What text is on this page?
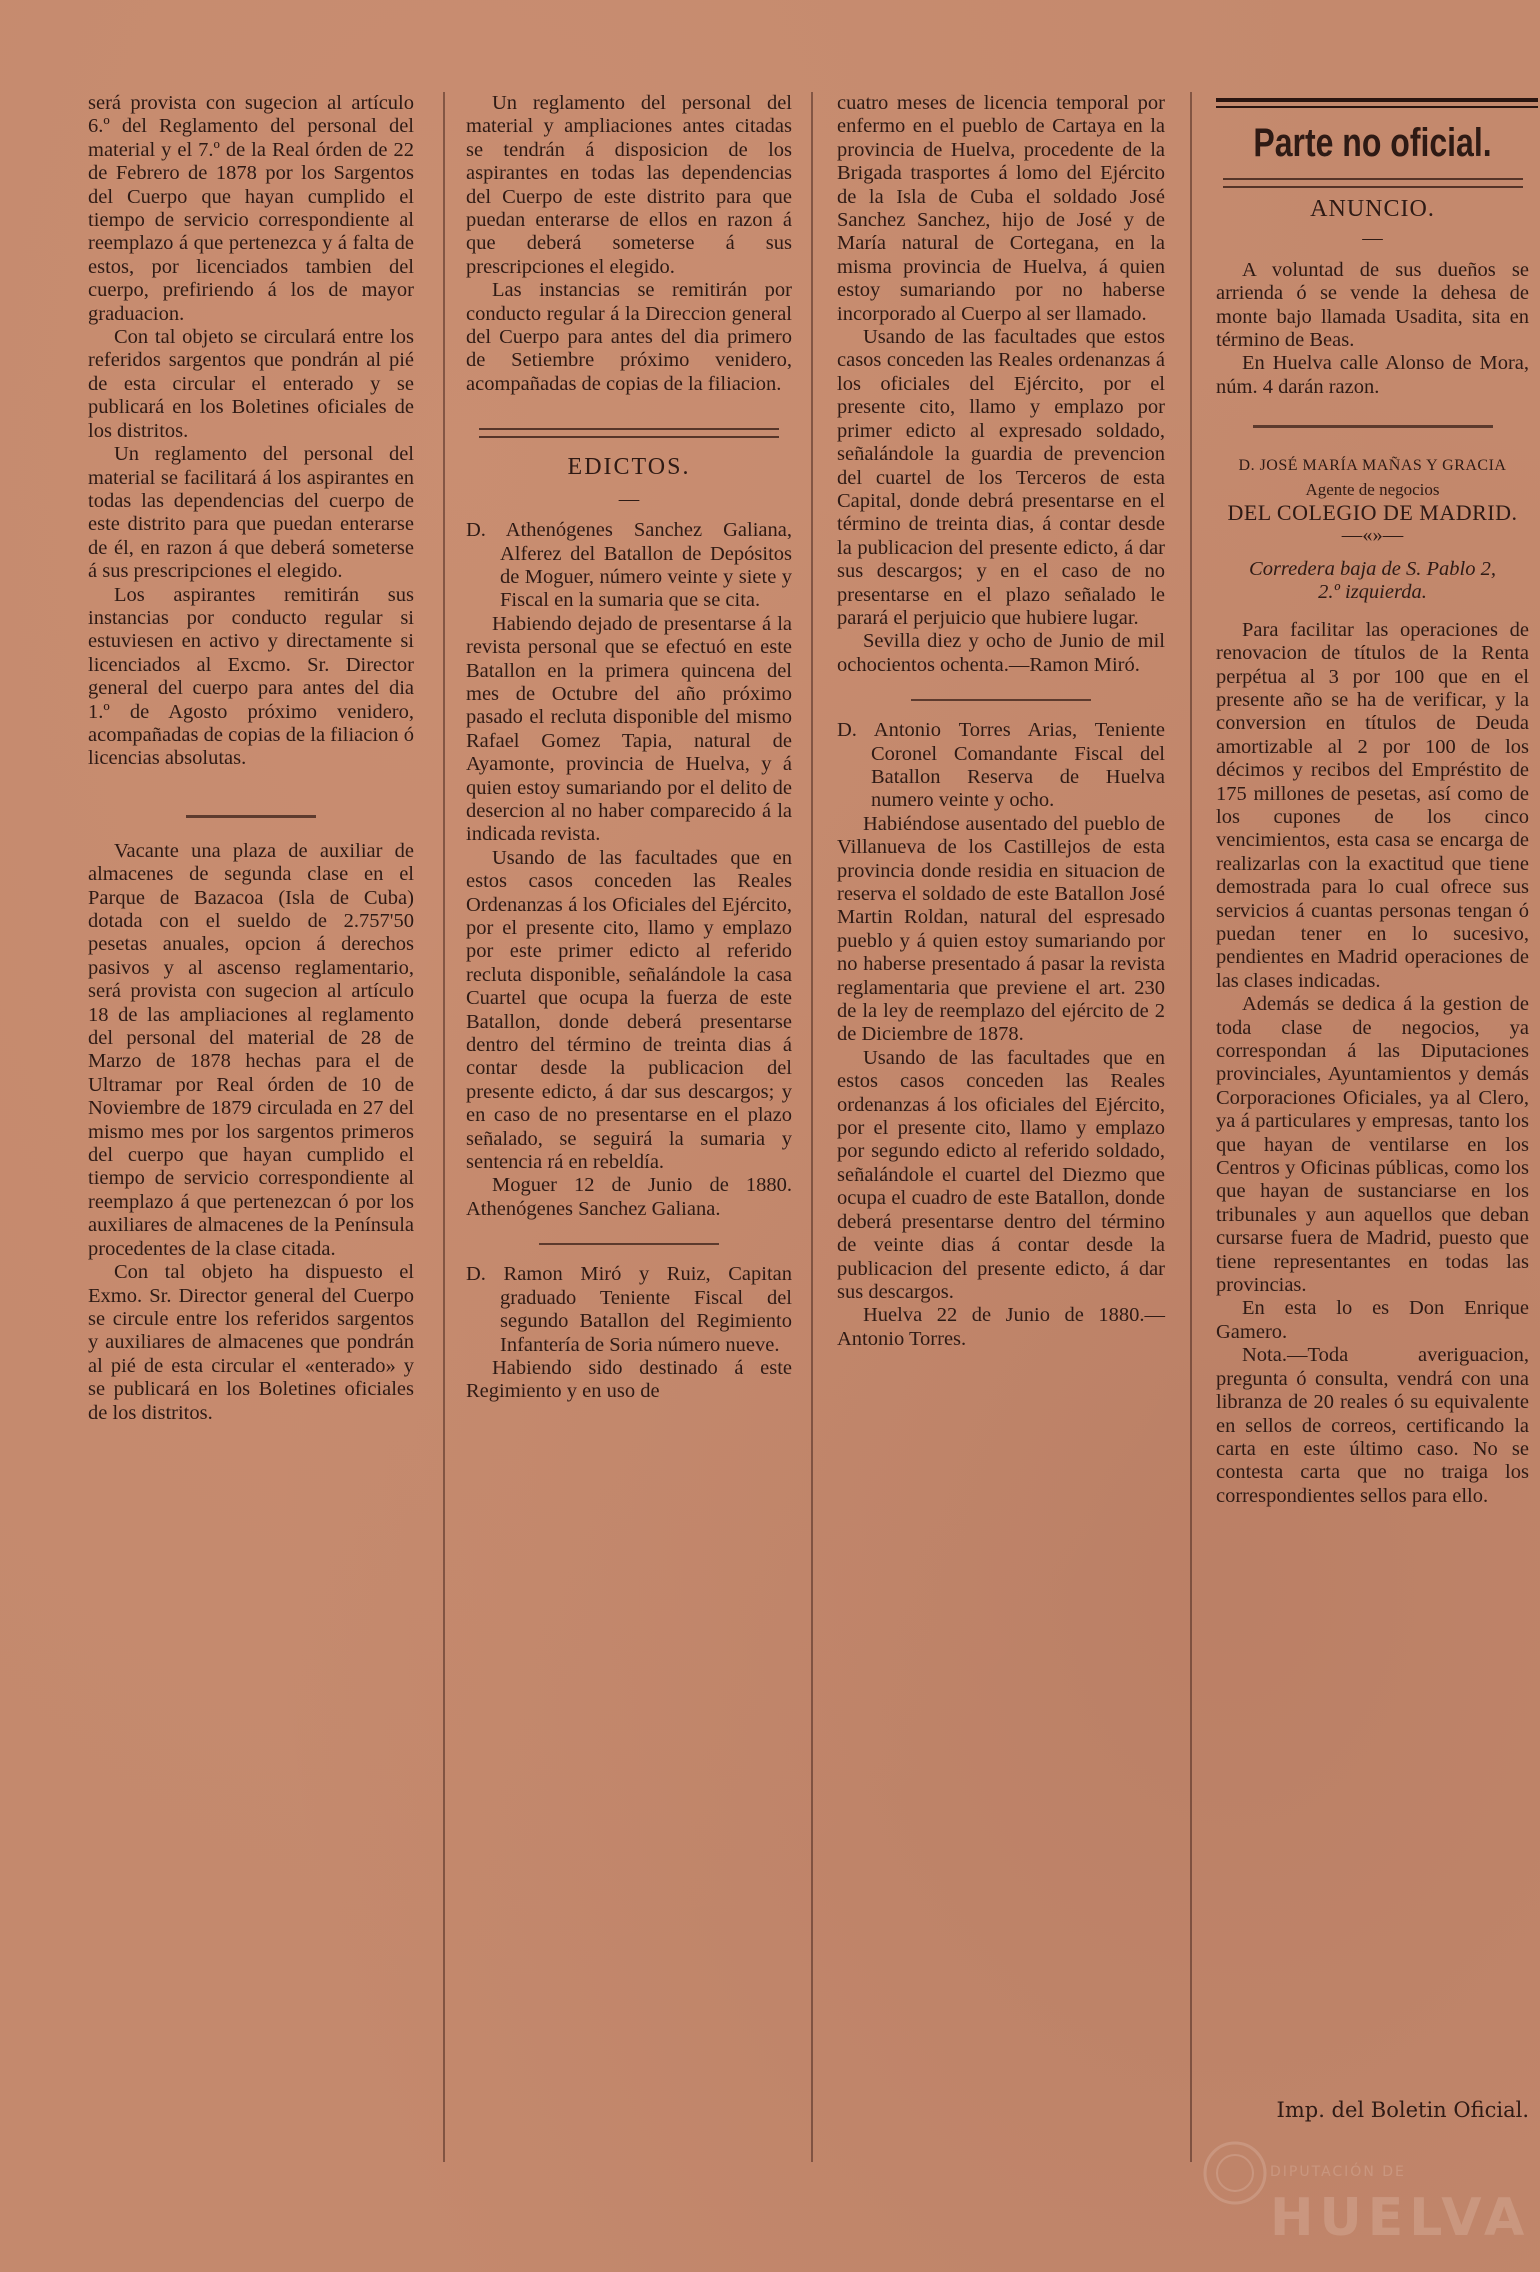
será provista con sugecion al artículo 6.º del Reglamento del personal del material y el 7.º de la Real órden de 22 de Febrero de 1878 por los Sargentos del Cuerpo que hayan cumplido el tiempo de servicio correspondiente al reemplazo á que pertenezca y á falta de estos, por licenciados tambien del cuerpo, prefiriendo á los de mayor graduacion.

Con tal objeto se circulará entre los referidos sargentos que pondrán al pié de esta circular el enterado y se publicará en los Boletines oficiales de los distritos.

Un reglamento del personal del material se facilitará á los aspirantes en todas las dependencias del cuerpo de este distrito para que puedan enterarse de él, en razon á que deberá someterse á sus prescripciones el elegido.

Los aspirantes remitirán sus instancias por conducto regular si estuviesen en activo y directamente si licenciados al Excmo. Sr. Director general del cuerpo para antes del dia 1.º de Agosto próximo venidero, acompañadas de copias de la filiacion ó licencias absolutas.

Vacante una plaza de auxiliar de almacenes de segunda clase en el Parque de Bazacoa (Isla de Cuba) dotada con el sueldo de 2.757'50 pesetas anuales, opcion á derechos pasivos y al ascenso reglamentario, será provista con sugecion al artículo 18 de las ampliaciones al reglamento del personal del material de 28 de Marzo de 1878 hechas para el de Ultramar por Real órden de 10 de Noviembre de 1879 circulada en 27 del mismo mes por los sargentos primeros del cuerpo que hayan cumplido el tiempo de servicio correspondiente al reemplazo á que pertenezcan ó por los auxiliares de almacenes de la Península procedentes de la clase citada.

Con tal objeto ha dispuesto el Exmo. Sr. Director general del Cuerpo se circule entre los referidos sargentos y auxiliares de almacenes que pondrán al pié de esta circular el «enterado» y se publicará en los Boletines oficiales de los distritos.

Un reglamento del personal del material y ampliaciones antes citadas se tendrán á disposicion de los aspirantes en todas las dependencias del Cuerpo de este distrito para que puedan enterarse de ellos en razon á que deberá someterse á sus prescripciones el elegido.

Las instancias se remitirán por conducto regular á la Direccion general del Cuerpo para antes del dia primero de Setiembre próximo venidero, acompañadas de copias de la filiacion.

EDICTOS.
—

D. Athenógenes Sanchez Galiana, Alferez del Batallon de Depósitos de Moguer, número veinte y siete y Fiscal en la sumaria que se cita.

Habiendo dejado de presentarse á la revista personal que se efectuó en este Batallon en la primera quincena del mes de Octubre del año próximo pasado el recluta disponible del mismo Rafael Gomez Tapia, natural de Ayamonte, provincia de Huelva, y á quien estoy sumariando por el delito de desercion al no haber comparecido á la indicada revista.

Usando de las facultades que en estos casos conceden las Reales Ordenanzas á los Oficiales del Ejército, por el presente cito, llamo y emplazo por este primer edicto al referido recluta disponible, señalándole la casa Cuartel que ocupa la fuerza de este Batallon, donde deberá presentarse dentro del término de treinta dias á contar desde la publicacion del presente edicto, á dar sus descargos; y en caso de no presentarse en el plazo señalado, se seguirá la sumaria y sentencia rá en rebeldía.

Moguer 12 de Junio de 1880. Athenógenes Sanchez Galiana.

D. Ramon Miró y Ruiz, Capitan graduado Teniente Fiscal del segundo Batallon del Regimiento Infantería de Soria número nueve.

Habiendo sido destinado á este Regimiento y en uso de

cuatro meses de licencia temporal por enfermo en el pueblo de Cartaya en la provincia de Huelva, procedente de la Brigada trasportes á lomo del Ejército de la Isla de Cuba el soldado José Sanchez Sanchez, hijo de José y de María natural de Cortegana, en la misma provincia de Huelva, á quien estoy sumariando por no haberse incorporado al Cuerpo al ser llamado.

Usando de las facultades que estos casos conceden las Reales ordenanzas á los oficiales del Ejército, por el presente cito, llamo y emplazo por primer edicto al expresado soldado, señalándole la guardia de prevencion del cuartel de los Terceros de esta Capital, donde debrá presentarse en el término de treinta dias, á contar desde la publicacion del presente edicto, á dar sus descargos; y en el caso de no presentarse en el plazo señalado le parará el perjuicio que hubiere lugar.

Sevilla diez y ocho de Junio de mil ochocientos ochenta.—Ramon Miró.

D. Antonio Torres Arias, Teniente Coronel Comandante Fiscal del Batallon Reserva de Huelva numero veinte y ocho.

Habiéndose ausentado del pueblo de Villanueva de los Castillejos de esta provincia donde residia en situacion de reserva el soldado de este Batallon José Martin Roldan, natural del espresado pueblo y á quien estoy sumariando por no haberse presentado á pasar la revista reglamentaria que previene el art. 230 de la ley de reemplazo del ejército de 2 de Diciembre de 1878.

Usando de las facultades que en estos casos conceden las Reales ordenanzas á los oficiales del Ejército, por el presente cito, llamo y emplazo por segundo edicto al referido soldado, señalándole el cuartel del Diezmo que ocupa el cuadro de este Batallon, donde deberá presentarse dentro del término de veinte dias á contar desde la publicacion del presente edicto, á dar sus descargos.

Huelva 22 de Junio de 1880.—Antonio Torres.

Parte no oficial.
ANUNCIO.
—

A voluntad de sus dueños se arrienda ó se vende la dehesa de monte bajo llamada Usadita, sita en término de Beas.

En Huelva calle Alonso de Mora, núm. 4 darán razon.

D. JOSÉ MARÍA MAÑAS Y GRACIA
Agente de negocios
DEL COLEGIO DE MADRID.
—«»—
Corredera baja de S. Pablo 2,
2.º izquierda.

Para facilitar las operaciones de renovacion de títulos de la Renta perpétua al 3 por 100 que en el presente año se ha de verificar, y la conversion en títulos de Deuda amortizable al 2 por 100 de los décimos y recibos del Empréstito de 175 millones de pesetas, así como de los cupones de los cinco vencimientos, esta casa se encarga de realizarlas con la exactitud que tiene demostrada para lo cual ofrece sus servicios á cuantas personas tengan ó puedan tener en lo sucesivo, pendientes en Madrid operaciones de las clases indicadas.

Además se dedica á la gestion de toda clase de negocios, ya correspondan á las Diputaciones provinciales, Ayuntamientos y demás Corporaciones Oficiales, ya al Clero, ya á particulares y empresas, tanto los que hayan de ventilarse en los Centros y Oficinas públicas, como los que hayan de sustanciarse en los tribunales y aun aquellos que deban cursarse fuera de Madrid, puesto que tiene representantes en todas las provincias.

En esta lo es Don Enrique Gamero.

Nota.—Toda averiguacion, pregunta ó consulta, vendrá con una libranza de 20 reales ó su equivalente en sellos de correos, certificando la carta en este último caso. No se contesta carta que no traiga los correspondientes sellos para ello.

Imp. del Boletin Oficial.
DIPUTACIÓN DE
HUELVA
